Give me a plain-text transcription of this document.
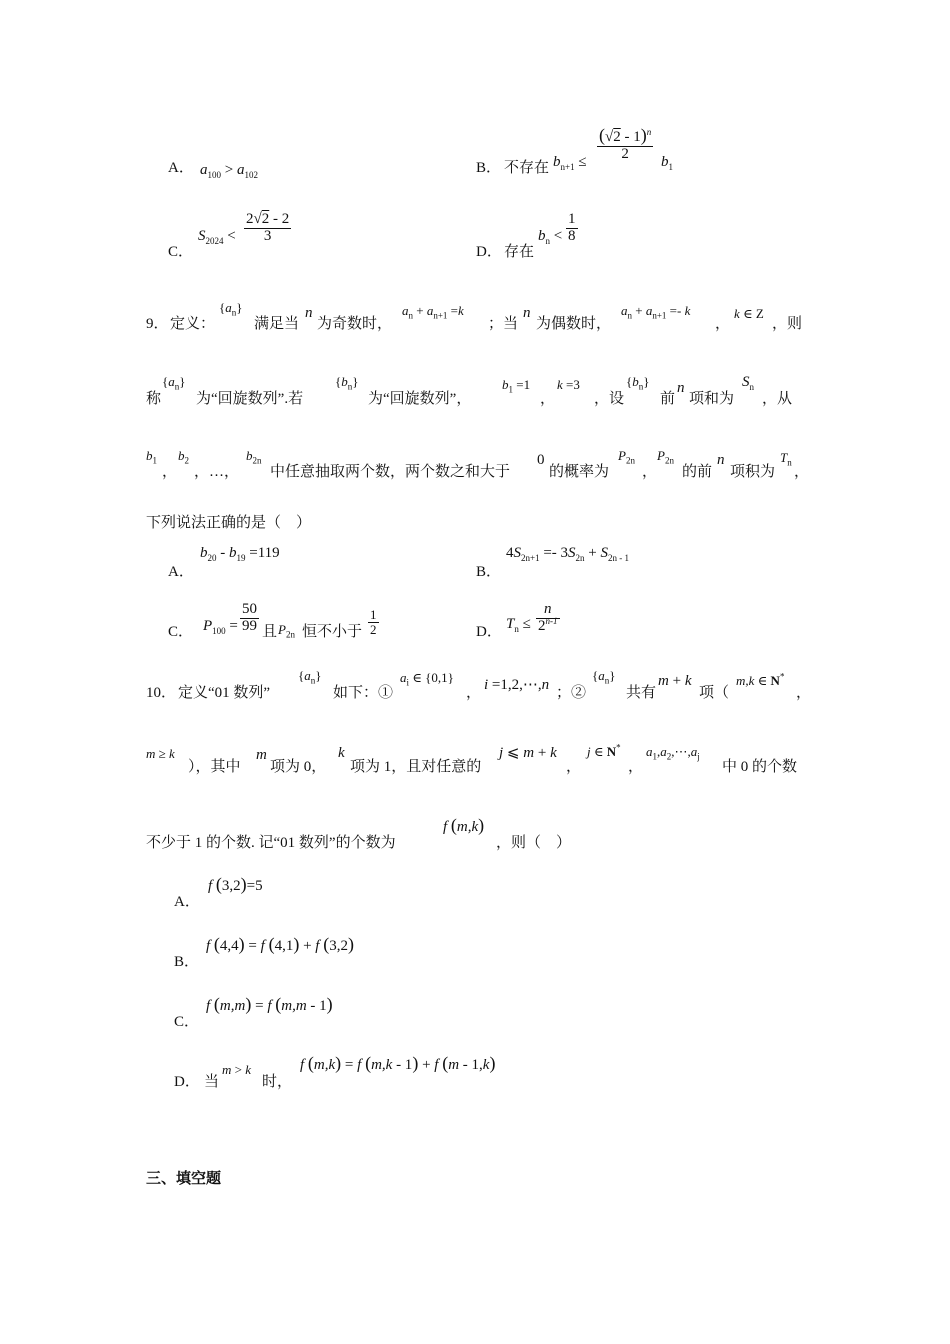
A． $a_{100} > a_{102}$	B． 不存在 $b_{n+1} \le \frac{(√2 - 1)^n}{2} b_1$
C．
$S_{2024} < \frac{2√2 - 2}{3}$
D． 存在
$b_n < \frac{1}{8}$
9． 定义：
$\{a_n\}$
满足当
n
为奇数时，
$a_n + a_{n+1} =k$
；当
n
为偶数时，
$a_n + a_{n+1} =- k$
，
k ∈ Z
，则
称
$\{a_n\}$
为“回旋数列”.若
$\{b_n\}$
为“回旋数列”，
$b_1 =1$
，
k =3
，设
$\{b_n\}$
前
n
项和为
$S_n$
，从
$b_1$
，
$b_2$
，…，
$b_{2n}$
中任意抽取两个数，两个数之和大于
0
的概率为
$P_{2n}$
，
$P_{2n}$
的前
n
项积为
$T_n$
，
下列说法正确的是（　）
A．
$b_{20} - b_{19} =119$
B．
$4S_{2n+1} =- 3S_{2n} + S_{2n - 1}$
C． $P_{100} = \frac{50}{99}$ 且 $P_{2n}$ 恒不小于 $\frac{1}{2}$	D． $T_n \le \frac{n}{2^{n-1}}$
10． 定义“01 数列”
$\{a_n\}$
如下：①
$a_i$ ∈ {0,1}
， i =1,2,⋯,n ；②
$\{a_n\}$
共有
m + k
项（
m,k ∈ N*
，
m ≥ k
），其中
m
项为 0，
k
项为 1，且对任意的
j ⩽ m + k
，
j ∈ N*
，
$a_1,a_2,\cdots,a_j$
中 0 的个数
不少于 1 的个数. 记“01 数列”的个数为
f (m,k)
，则（　）
A．
f (3,2)=5
B．
f (4,4) = f (4,1) + f (3,2)
C．
f (m,m) = f (m,m - 1)
D． 当
m > k
时，
f (m,k) = f (m,k - 1) + f (m - 1,k)
三、填空题
